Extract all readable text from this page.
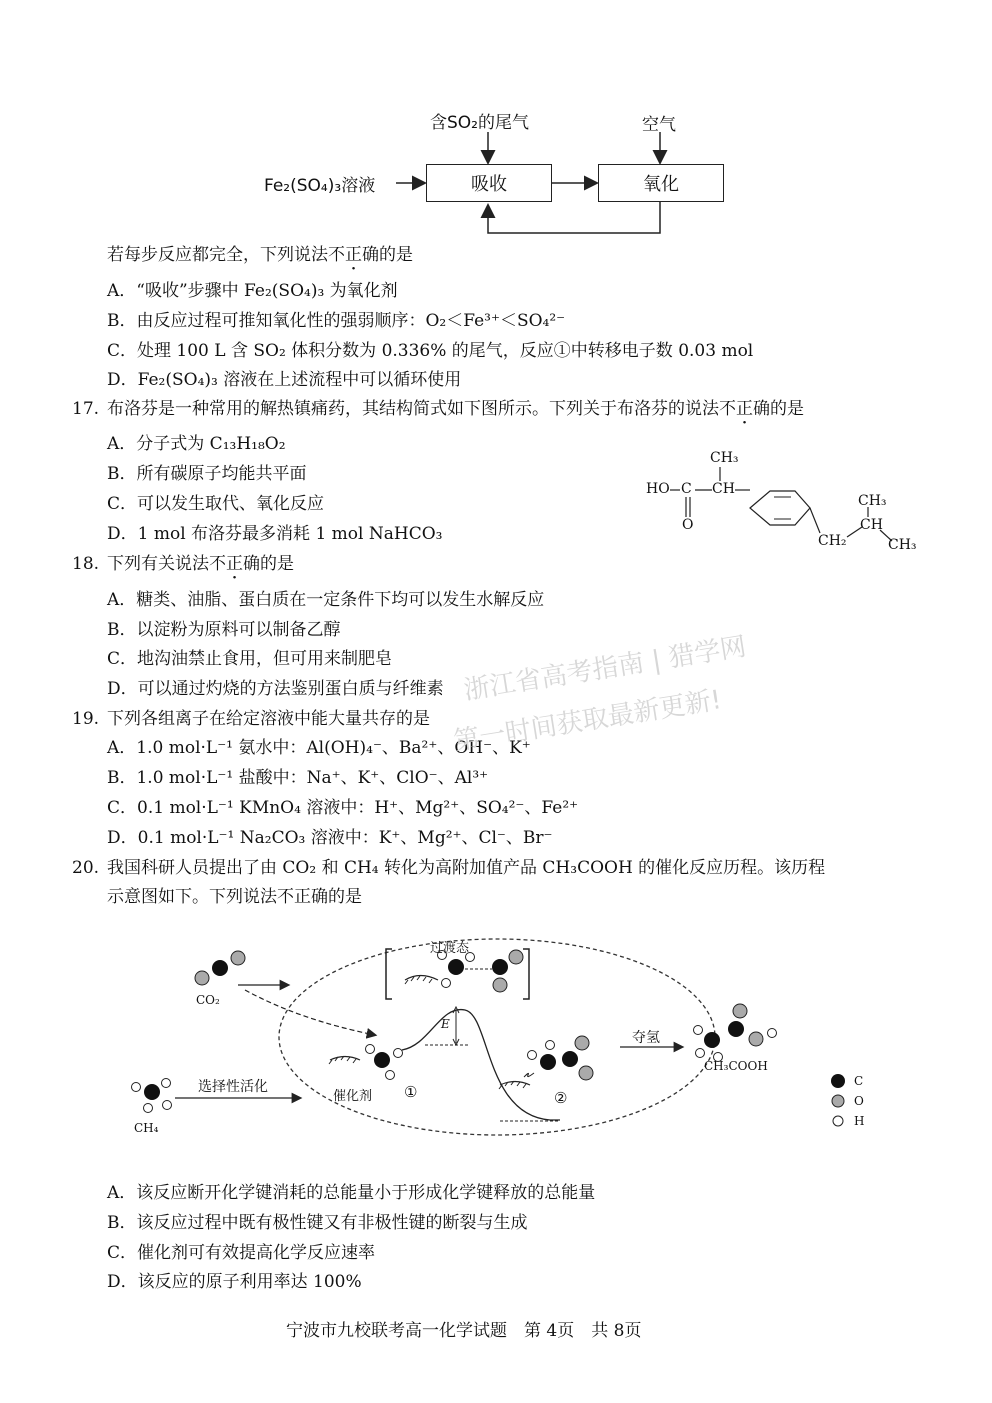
Fe₂(SO₄)₃溶液
含SO₂的尾气	空气
吸收	氧化
若每步反应都完全，下列说法不正确的是
A．“吸收”步骤中 Fe₂(SO₄)₃ 为氧化剂
B．由反应过程可推知氧化性的强弱顺序：O₂＜Fe³⁺＜SO₄²⁻
C．处理 100 L 含 SO₂ 体积分数为 0.336% 的尾气，反应①中转移电子数 0.03 mol
D．Fe₂(SO₄)₃ 溶液在上述流程中可以循环使用
17. 布洛芬是一种常用的解热镇痛药，其结构简式如下图所示。下列关于布洛芬的说法不正确的是
A．分子式为 C₁₃H₁₈O₂
B．所有碳原子均能共平面
C．可以发生取代、氧化反应
D．1 mol 布洛芬最多消耗 1 mol NaHCO₃
HO C
O
CH
CH₃
CH₂
CH
CH₃
CH₃
18. 下列有关说法不正确的是
A．糖类、油脂、蛋白质在一定条件下均可以发生水解反应
B．以淀粉为原料可以制备乙醇
C．地沟油禁止食用，但可用来制肥皂
D．可以通过灼烧的方法鉴别蛋白质与纤维素
19. 下列各组离子在给定溶液中能大量共存的是
A．1.0 mol·L⁻¹ 氨水中：Al(OH)₄⁻、Ba²⁺、OH⁻、K⁺
B．1.0 mol·L⁻¹ 盐酸中：Na⁺、K⁺、ClO⁻、Al³⁺
C．0.1 mol·L⁻¹ KMnO₄ 溶液中：H⁺、Mg²⁺、SO₄²⁻、Fe²⁺
D．0.1 mol·L⁻¹ Na₂CO₃ 溶液中：K⁺、Mg²⁺、Cl⁻、Br⁻
浙江省高考指南 | 猎学网
第一时间获取最新更新!
20. 我国科研人员提出了由 CO₂ 和 CH₄ 转化为高附加值产品 CH₃COOH 的催化反应历程。该历程
示意图如下。下列说法不正确的是
过渡态
CO₂
CH₄
选择性活化
催化剂
E
①	②
夺氢
CH₃COOH
C
O
H
A．该反应断开化学键消耗的总能量小于形成化学键释放的总能量
B．该反应过程中既有极性键又有非极性键的断裂与生成
C．催化剂可有效提高化学反应速率
D．该反应的原子利用率达 100%
宁波市九校联考高一化学试题　第 4页　共 8页
